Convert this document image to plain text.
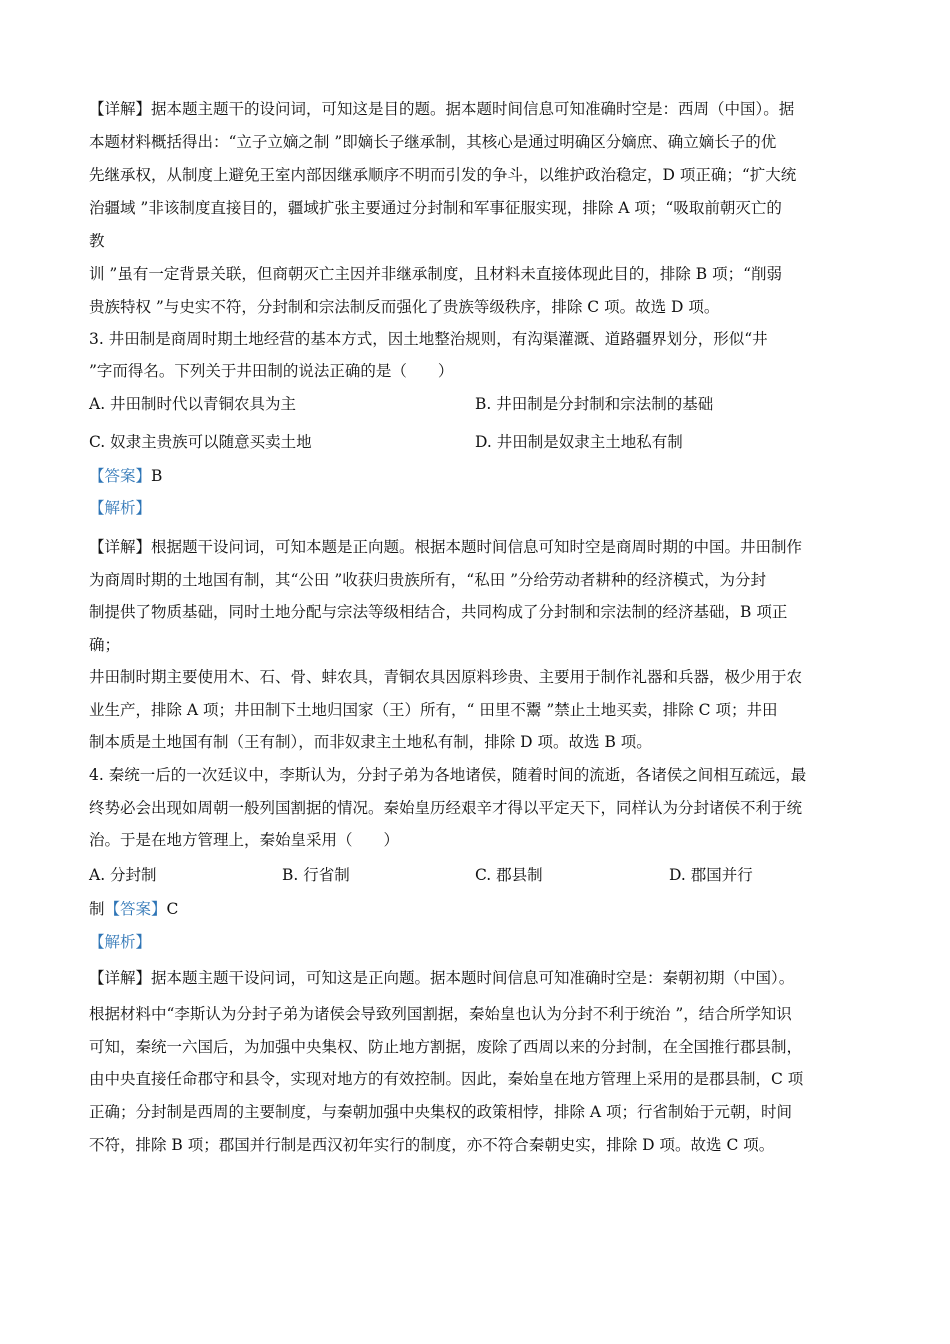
【详解】据本题主题干的设问词，可知这是目的题。据本题时间信息可知准确时空是：西周（中国）。据
本题材料概括得出：“立子立嫡之制 ”即嫡长子继承制，其核心是通过明确区分嫡庶、确立嫡长子的优
先继承权，从制度上避免王室内部因继承顺序不明而引发的争斗，以维护政治稳定，D 项正确；“扩大统
治疆域 ”非该制度直接目的，疆域扩张主要通过分封制和军事征服实现，排除 A 项；“吸取前朝灭亡的
教
训 ”虽有一定背景关联，但商朝灭亡主因并非继承制度，且材料未直接体现此目的，排除 B 项；“削弱
贵族特权 ”与史实不符，分封制和宗法制反而强化了贵族等级秩序，排除 C 项。故选 D 项。
3. 井田制是商周时期土地经营的基本方式，因土地整治规则，有沟渠灌溉、道路疆界划分，形似“井
”字而得名。下列关于井田制的说法正确的是（　　）
A. 井田制时代以青铜农具为主	B. 井田制是分封制和宗法制的基础
C. 奴隶主贵族可以随意买卖土地	D. 井田制是奴隶主土地私有制
【答案】B
【解析】
【详解】根据题干设问词，可知本题是正向题。根据本题时间信息可知时空是商周时期的中国。井田制作
为商周时期的土地国有制，其“公田 ”收获归贵族所有，“私田 ”分给劳动者耕种的经济模式，为分封
制提供了物质基础，同时土地分配与宗法等级相结合，共同构成了分封制和宗法制的经济基础，B 项正
确；
井田制时期主要使用木、石、骨、蚌农具，青铜农具因原料珍贵、主要用于制作礼器和兵器，极少用于农
业生产，排除 A 项；井田制下土地归国家（王）所有，“ 田里不鬻 ”禁止土地买卖，排除 C 项；井田
制本质是土地国有制（王有制），而非奴隶主土地私有制，排除 D 项。故选 B 项。
4. 秦统一后的一次廷议中，李斯认为，分封子弟为各地诸侯，随着时间的流逝，各诸侯之间相互疏远，最
终势必会出现如周朝一般列国割据的情况。秦始皇历经艰辛才得以平定天下，同样认为分封诸侯不利于统
治。于是在地方管理上，秦始皇采用（　　）
A. 分封制	B. 行省制	C. 郡县制	D. 郡国并行
制【答案】C
【解析】
【详解】据本题主题干设问词，可知这是正向题。据本题时间信息可知准确时空是：秦朝初期（中国）。
根据材料中“李斯认为分封子弟为诸侯会导致列国割据，秦始皇也认为分封不利于统治 ”，结合所学知识
可知，秦统一六国后，为加强中央集权、防止地方割据，废除了西周以来的分封制，在全国推行郡县制，
由中央直接任命郡守和县令，实现对地方的有效控制。因此，秦始皇在地方管理上采用的是郡县制，C 项
正确；分封制是西周的主要制度，与秦朝加强中央集权的政策相悖，排除 A 项；行省制始于元朝，时间
不符，排除 B 项；郡国并行制是西汉初年实行的制度，亦不符合秦朝史实，排除 D 项。故选 C 项。
